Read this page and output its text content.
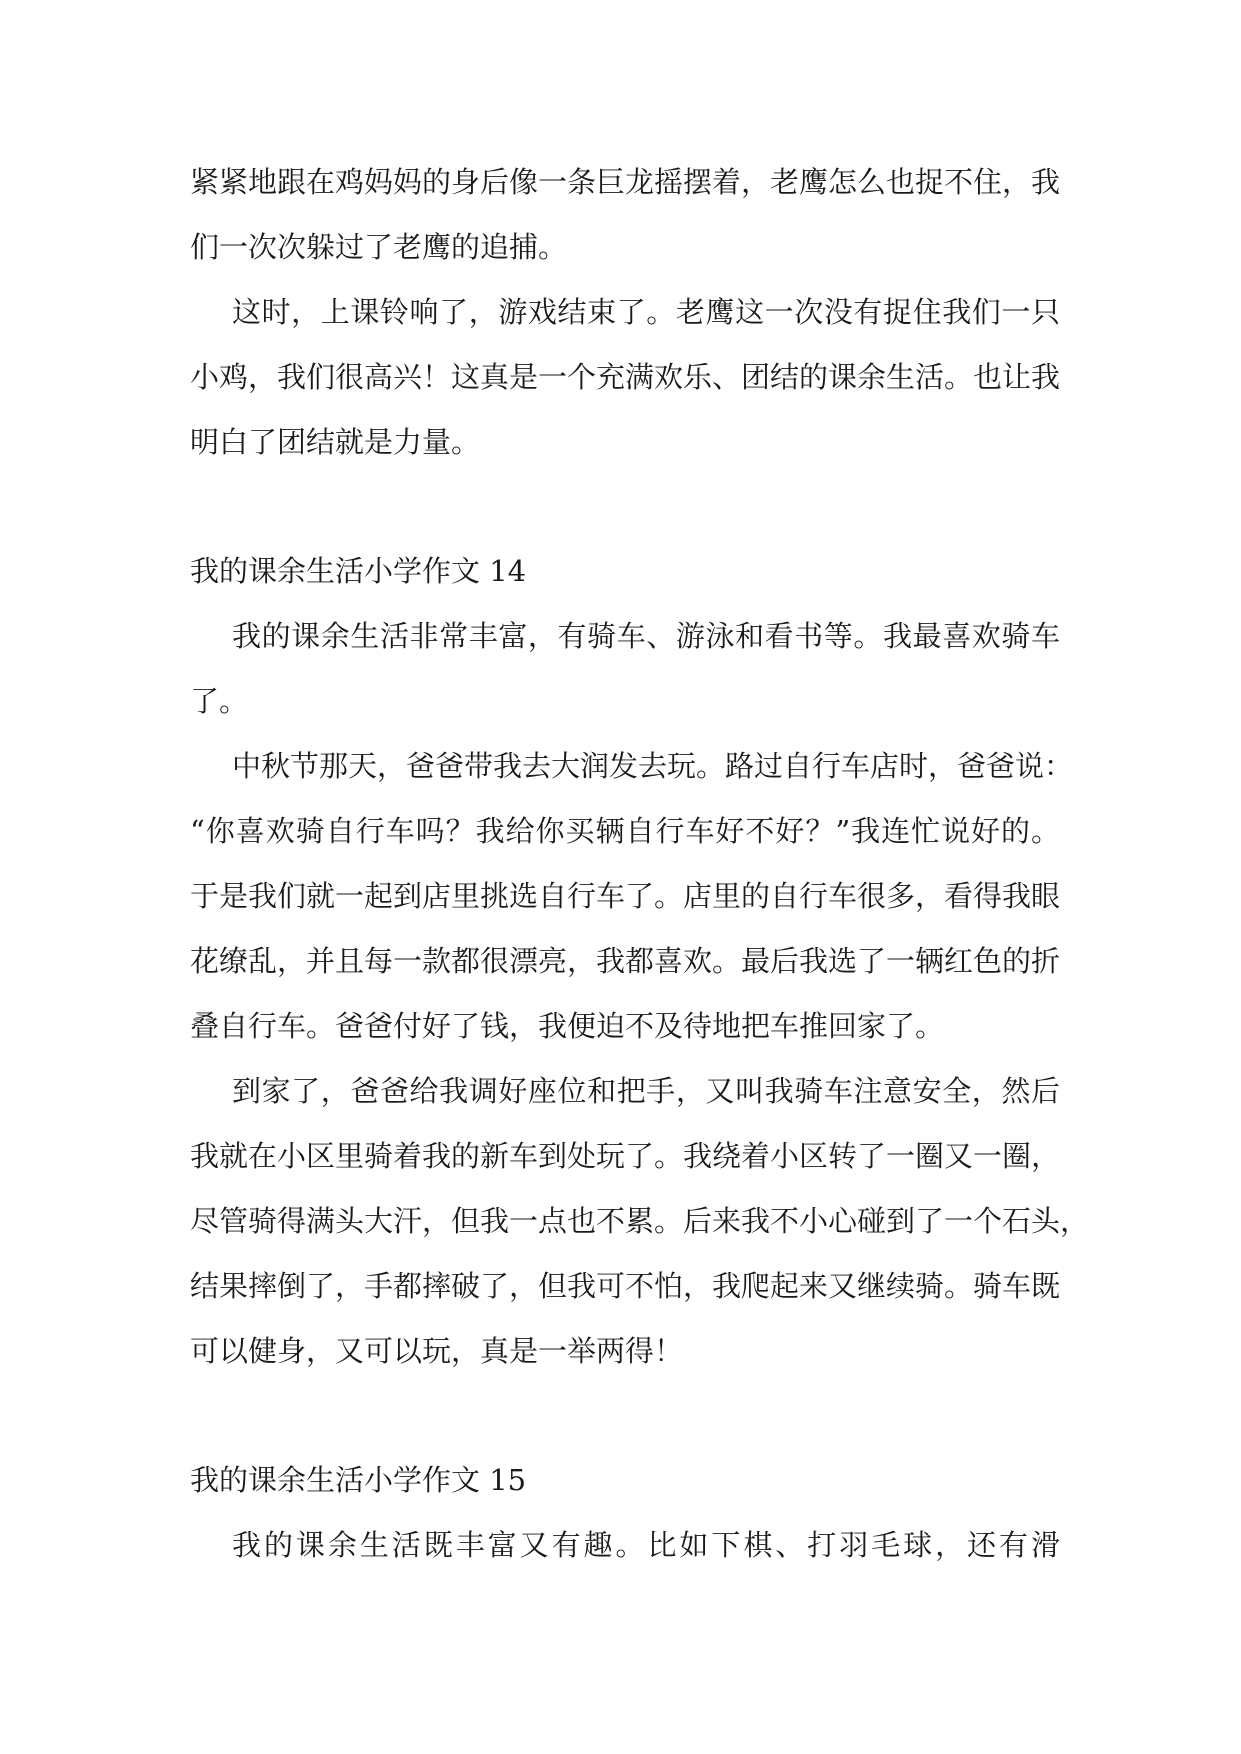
紧紧地跟在鸡妈妈的身后像一条巨龙摇摆着，老鹰怎么也捉不住，我
们一次次躲过了老鹰的追捕。
这时，上课铃响了，游戏结束了。老鹰这一次没有捉住我们一只
小鸡，我们很高兴！这真是一个充满欢乐、团结的课余生活。也让我
明白了团结就是力量。
我的课余生活小学作文 14
我的课余生活非常丰富，有骑车、游泳和看书等。我最喜欢骑车
了。
中秋节那天，爸爸带我去大润发去玩。路过自行车店时，爸爸说：
“你喜欢骑自行车吗？我给你买辆自行车好不好？”我连忙说好的。
于是我们就一起到店里挑选自行车了。店里的自行车很多，看得我眼
花缭乱，并且每一款都很漂亮，我都喜欢。最后我选了一辆红色的折
叠自行车。爸爸付好了钱，我便迫不及待地把车推回家了。
到家了，爸爸给我调好座位和把手，又叫我骑车注意安全，然后
我就在小区里骑着我的新车到处玩了。我绕着小区转了一圈又一圈，
尽管骑得满头大汗，但我一点也不累。后来我不小心碰到了一个石头，
结果摔倒了，手都摔破了，但我可不怕，我爬起来又继续骑。骑车既
可以健身，又可以玩，真是一举两得！
我的课余生活小学作文 15
我的课余生活既丰富又有趣。比如下棋、打羽毛球，还有滑
